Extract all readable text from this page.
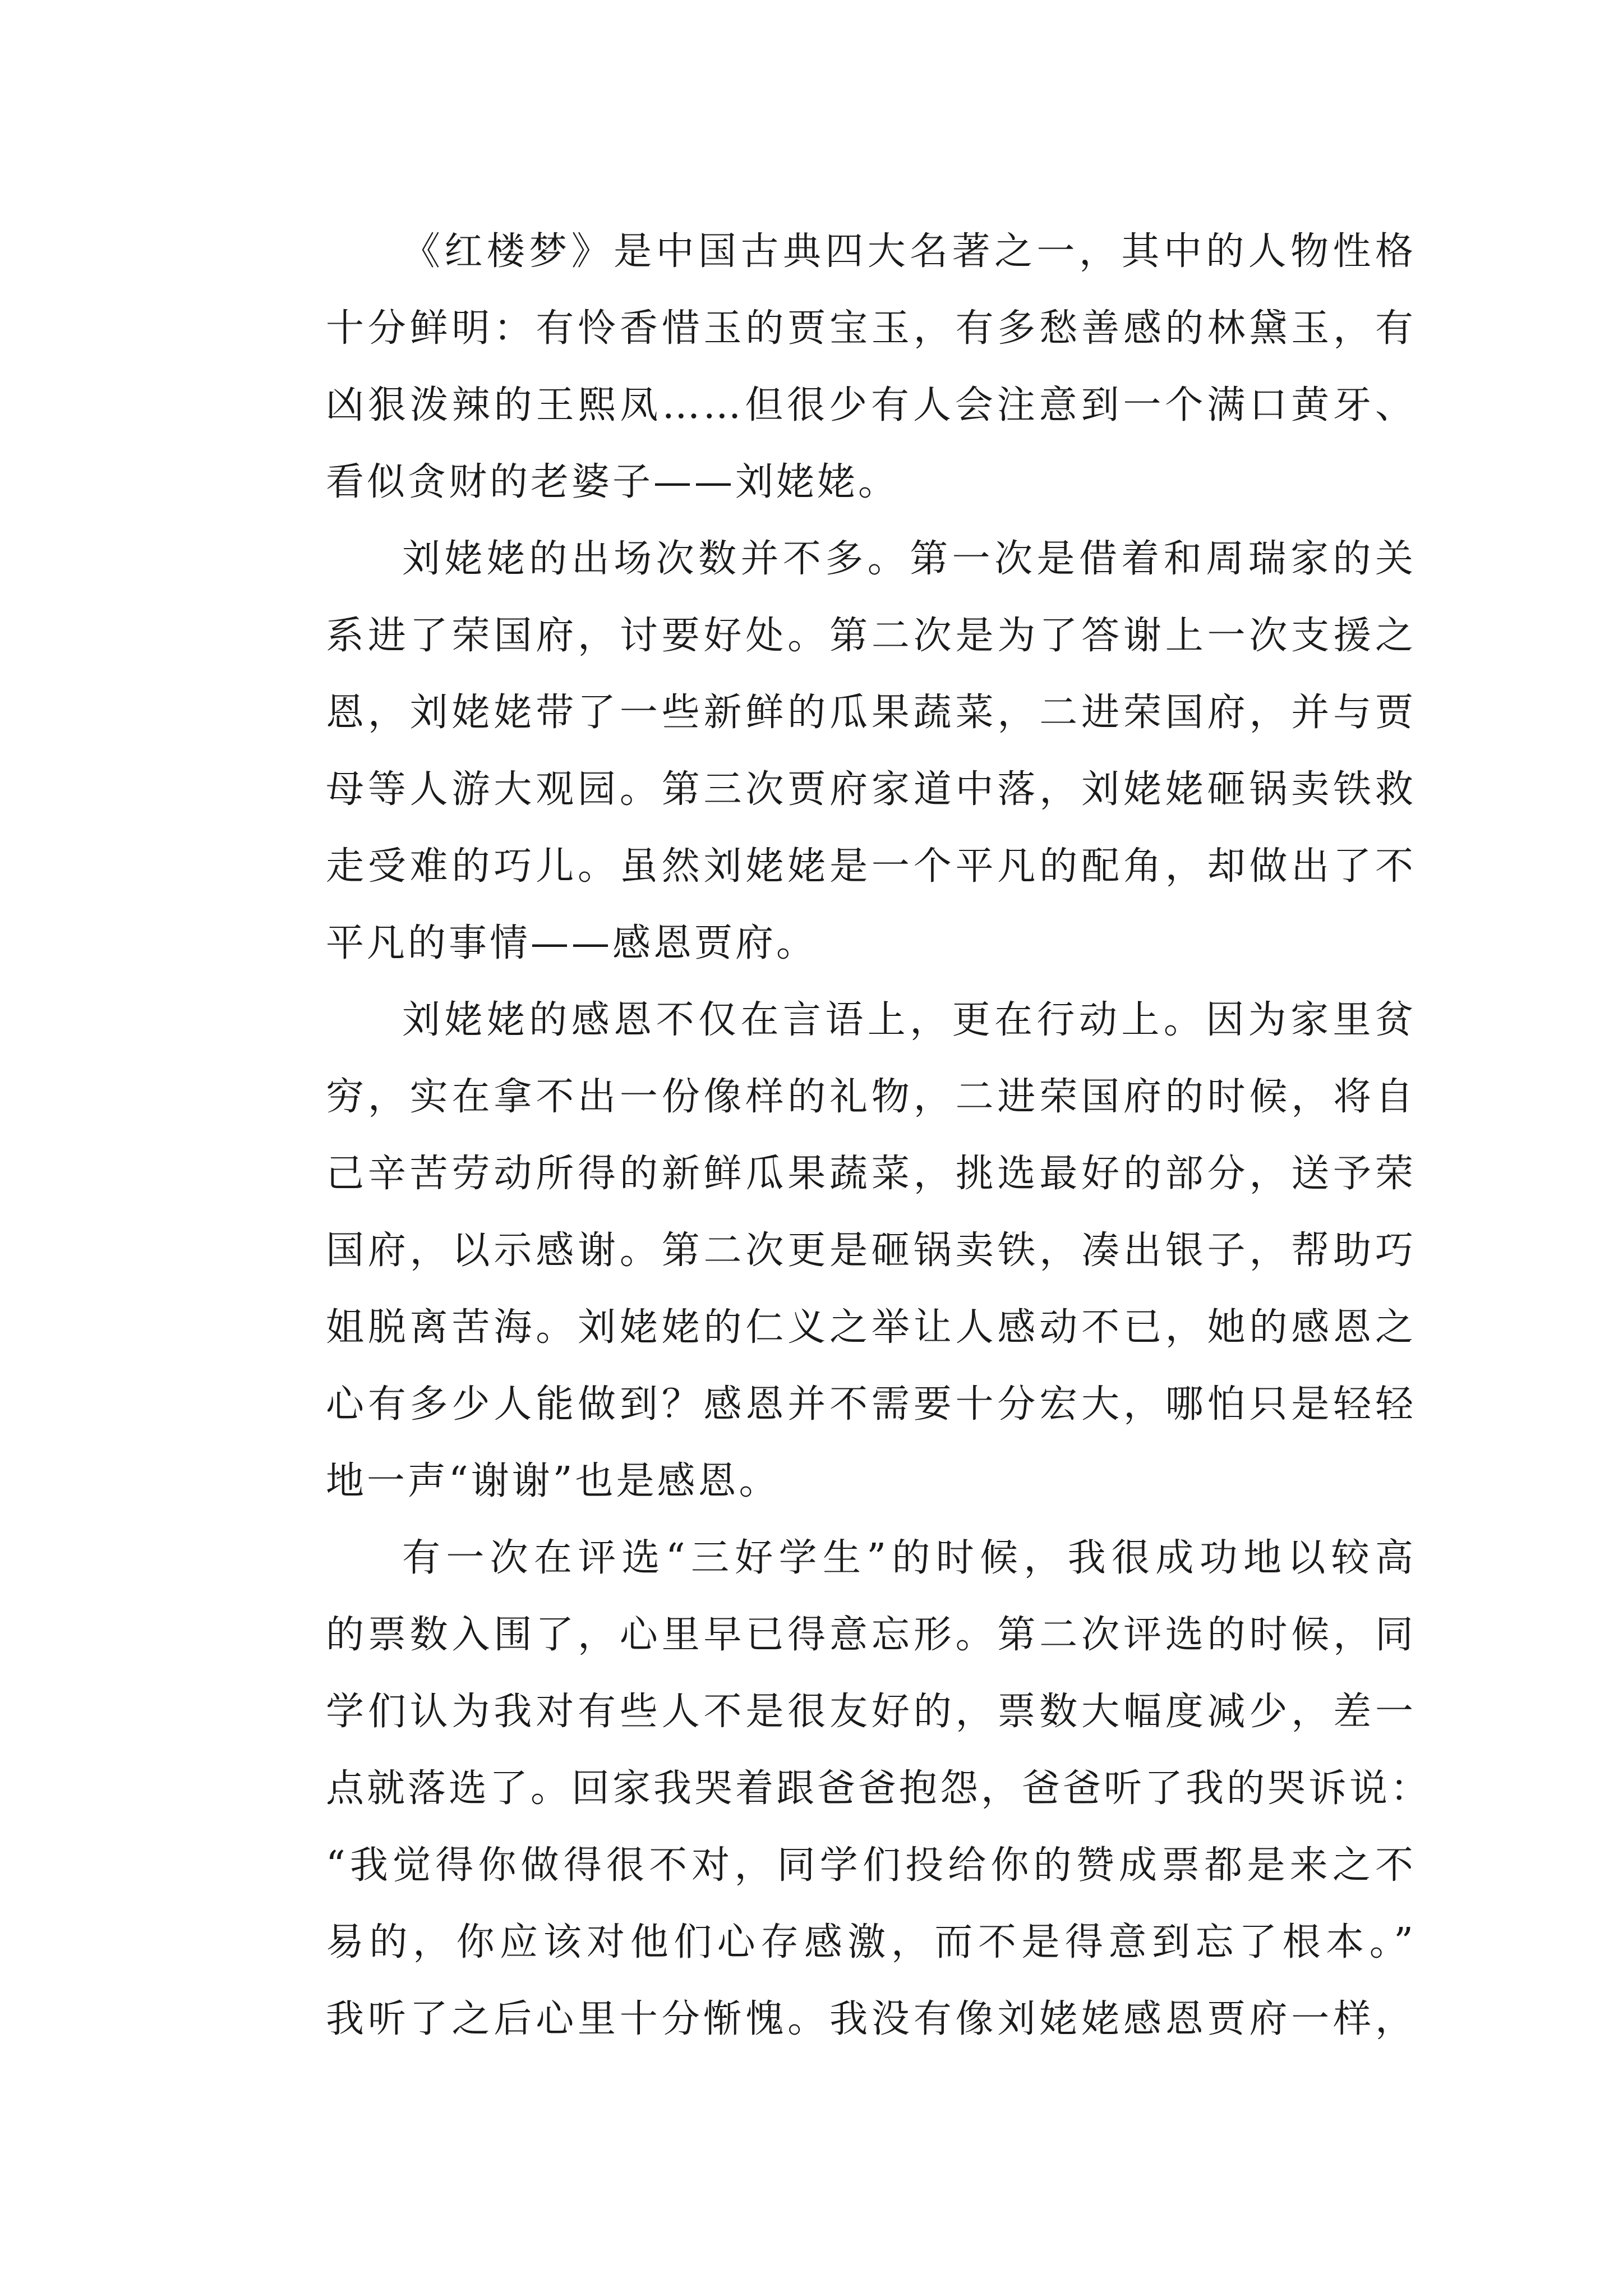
《红楼梦》是中国古典四大名著之一，其中的人物性格
十分鲜明：有怜香惜玉的贾宝玉，有多愁善感的林黛玉，有
凶狠泼辣的王熙凤……但很少有人会注意到一个满口黄牙、
看似贪财的老婆子——刘姥姥。
刘姥姥的出场次数并不多。第一次是借着和周瑞家的关
系进了荣国府，讨要好处。第二次是为了答谢上一次支援之
恩，刘姥姥带了一些新鲜的瓜果蔬菜，二进荣国府，并与贾
母等人游大观园。第三次贾府家道中落，刘姥姥砸锅卖铁救
走受难的巧儿。虽然刘姥姥是一个平凡的配角，却做出了不
平凡的事情——感恩贾府。
刘姥姥的感恩不仅在言语上，更在行动上。因为家里贫
穷，实在拿不出一份像样的礼物，二进荣国府的时候，将自
己辛苦劳动所得的新鲜瓜果蔬菜，挑选最好的部分，送予荣
国府，以示感谢。第二次更是砸锅卖铁，凑出银子，帮助巧
姐脱离苦海。刘姥姥的仁义之举让人感动不已，她的感恩之
心有多少人能做到？感恩并不需要十分宏大，哪怕只是轻轻
地一声“谢谢”也是感恩。
有一次在评选“三好学生”的时候，我很成功地以较高
的票数入围了，心里早已得意忘形。第二次评选的时候，同
学们认为我对有些人不是很友好的，票数大幅度减少，差一
点就落选了。回家我哭着跟爸爸抱怨，爸爸听了我的哭诉说：
“我觉得你做得很不对，同学们投给你的赞成票都是来之不
易的，你应该对他们心存感激，而不是得意到忘了根本。”
我听了之后心里十分惭愧。我没有像刘姥姥感恩贾府一样，
